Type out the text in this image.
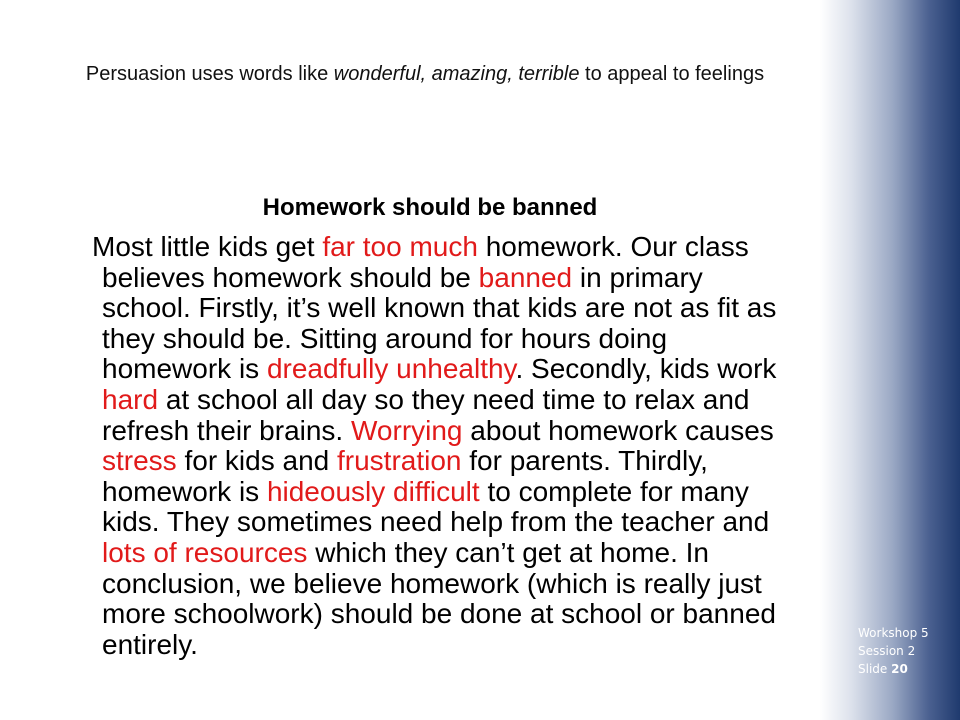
Persuasion uses words like wonderful, amazing, terrible to appeal to feelings
Homework should be banned
Most little kids get far too much homework. Our class believes homework should be banned in primary school. Firstly, it’s well known that kids are not as fit as they should be. Sitting around for hours doing homework is dreadfully unhealthy. Secondly, kids work hard at school all day so they need time to relax and refresh their brains. Worrying about homework causes stress for kids and frustration for parents. Thirdly, homework is hideously difficult to complete for many kids. They sometimes need help from the teacher and lots of resources which they can’t get at home. In conclusion, we believe homework (which is really just more schoolwork) should be done at school or banned entirely.	Workshop 5
Session 2
Slide 20
